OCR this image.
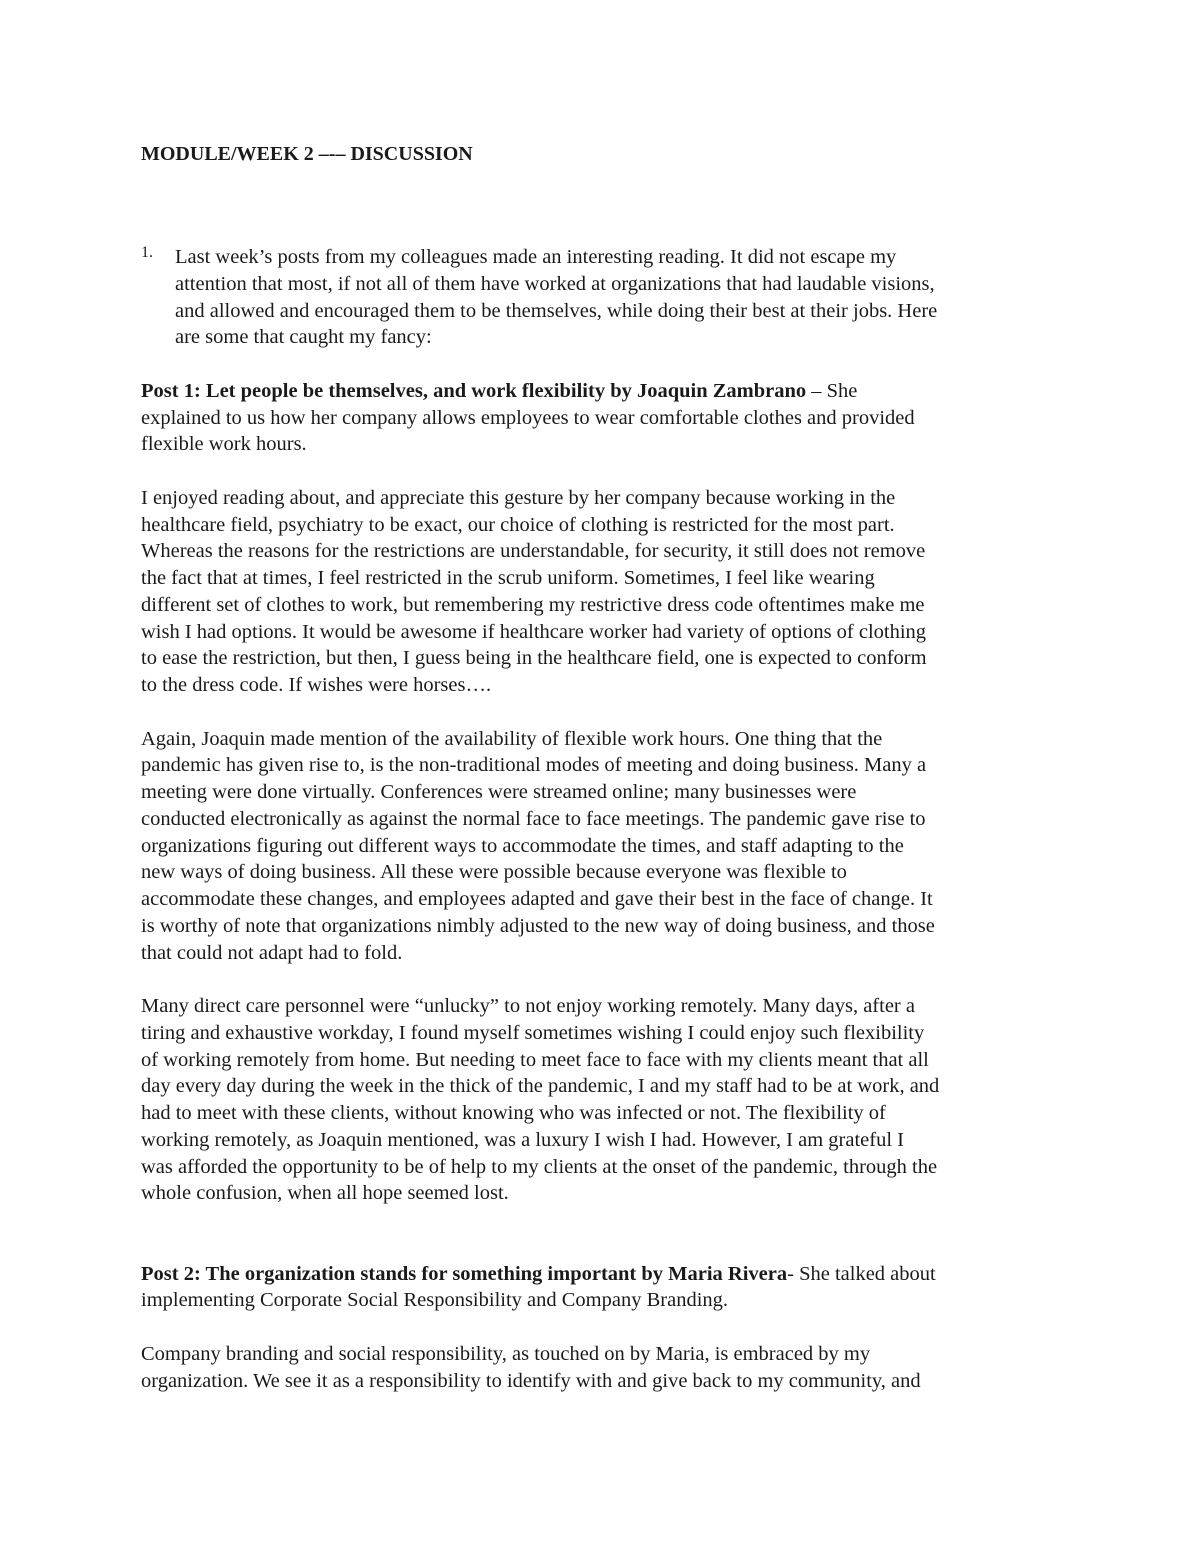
MODULE/WEEK 2 –-– DISCUSSION
1. Last week’s posts from my colleagues made an interesting reading. It did not escape my
attention that most, if not all of them have worked at organizations that had laudable visions,
and allowed and encouraged them to be themselves, while doing their best at their jobs. Here
are some that caught my fancy:
Post 1: Let people be themselves, and work flexibility by Joaquin Zambrano – She
explained to us how her company allows employees to wear comfortable clothes and provided
flexible work hours.
I enjoyed reading about, and appreciate this gesture by her company because working in the
healthcare field, psychiatry to be exact, our choice of clothing is restricted for the most part.
Whereas the reasons for the restrictions are understandable, for security, it still does not remove
the fact that at times, I feel restricted in the scrub uniform. Sometimes, I feel like wearing
different set of clothes to work, but remembering my restrictive dress code oftentimes make me
wish I had options. It would be awesome if healthcare worker had variety of options of clothing
to ease the restriction, but then, I guess being in the healthcare field, one is expected to conform
to the dress code. If wishes were horses….
Again, Joaquin made mention of the availability of flexible work hours. One thing that the
pandemic has given rise to, is the non-traditional modes of meeting and doing business. Many a
meeting were done virtually. Conferences were streamed online; many businesses were
conducted electronically as against the normal face to face meetings. The pandemic gave rise to
organizations figuring out different ways to accommodate the times, and staff adapting to the
new ways of doing business. All these were possible because everyone was flexible to
accommodate these changes, and employees adapted and gave their best in the face of change. It
is worthy of note that organizations nimbly adjusted to the new way of doing business, and those
that could not adapt had to fold.
Many direct care personnel were “unlucky” to not enjoy working remotely. Many days, after a
tiring and exhaustive workday, I found myself sometimes wishing I could enjoy such flexibility
of working remotely from home. But needing to meet face to face with my clients meant that all
day every day during the week in the thick of the pandemic, I and my staff had to be at work, and
had to meet with these clients, without knowing who was infected or not. The flexibility of
working remotely, as Joaquin mentioned, was a luxury I wish I had. However, I am grateful I
was afforded the opportunity to be of help to my clients at the onset of the pandemic, through the
whole confusion, when all hope seemed lost.
Post 2: The organization stands for something important by Maria Rivera- She talked about
implementing Corporate Social Responsibility and Company Branding.
Company branding and social responsibility, as touched on by Maria, is embraced by my
organization. We see it as a responsibility to identify with and give back to my community, and
